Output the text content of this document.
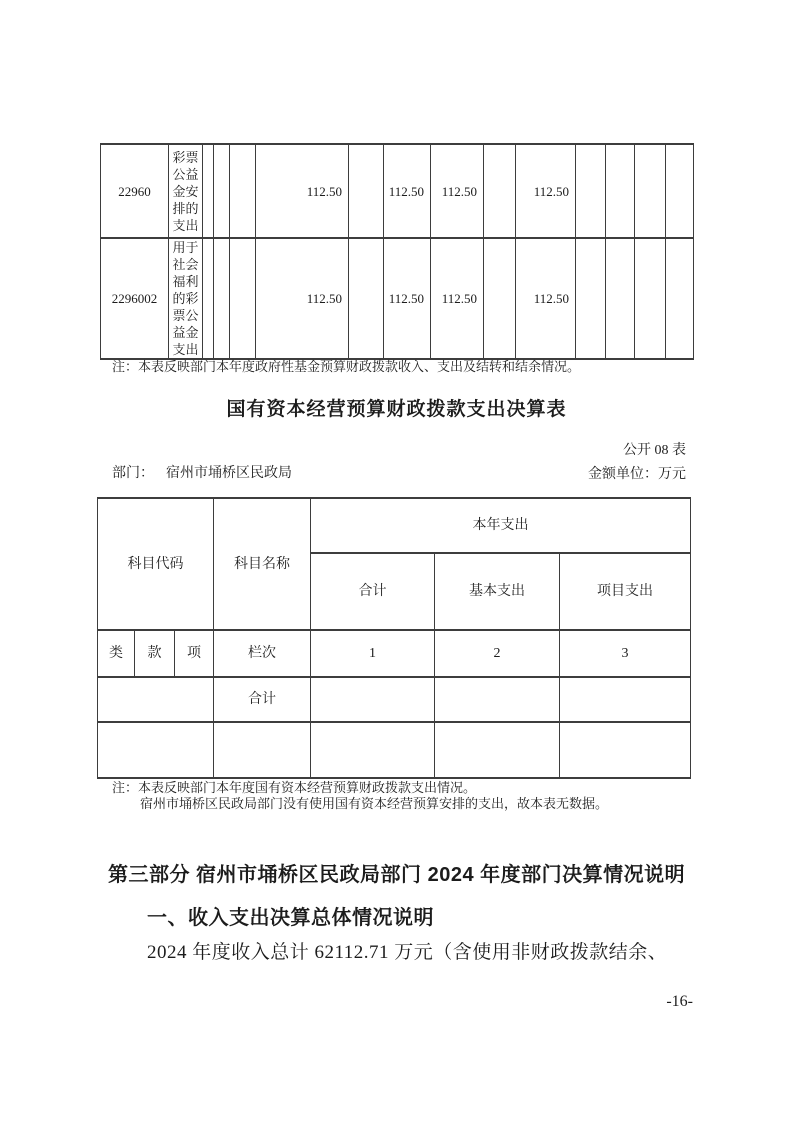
22960	彩票公益金安排的支出				112.50		112.50	112.50		112.50				
2296002	用于社会福利的彩票公益金支出				112.50		112.50	112.50		112.50				
注：本表反映部门本年度政府性基金预算财政拨款收入、支出及结转和结余情况。
国有资本经营预算财政拨款支出决算表
公开 08 表
部门： 宿州市埇桥区民政局	金额单位：万元
科目代码			科目名称	本年支出		
				合计	基本支出	项目支出
类	款	项	栏次	1	2	3
			合计			

注：本表反映部门本年度国有资本经营预算财政拨款支出情况。
宿州市埇桥区民政局部门没有使用国有资本经营预算安排的支出，故本表无数据。
第三部分 宿州市埇桥区民政局部门 2024 年度部门决算情况说明
一、收入支出决算总体情况说明
2024 年度收入总计 62112.71 万元（含使用非财政拨款结余、
-16-
